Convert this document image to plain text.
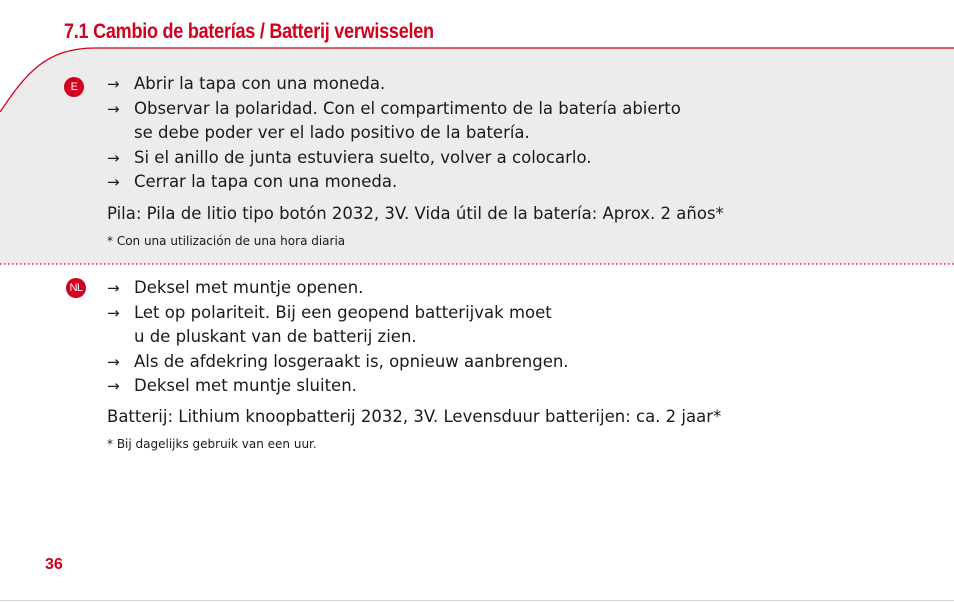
7.1 Cambio de baterías / Batterij verwisselen
E	→ Abrir la tapa con una moneda.
→ Observar la polaridad. Con el compartimento de la batería abierto
se debe poder ver el lado positivo de la batería.
→ Si el anillo de junta estuviera suelto, volver a colocarlo.
→ Cerrar la tapa con una moneda.
Pila: Pila de litio tipo botón 2032, 3V. Vida útil de la batería: Aprox. 2 años*
* Con una utilización de una hora diaria
NL → Deksel met muntje openen.
→ Let op polariteit. Bij een geopend batterijvak moet
u de pluskant van de batterij zien.
→ Als de afdekring losgeraakt is, opnieuw aanbrengen.
→ Deksel met muntje sluiten.
Batterij: Lithium knoopbatterij 2032, 3V. Levensduur batterijen: ca. 2 jaar*
* Bij dagelijks gebruik van een uur.
36
